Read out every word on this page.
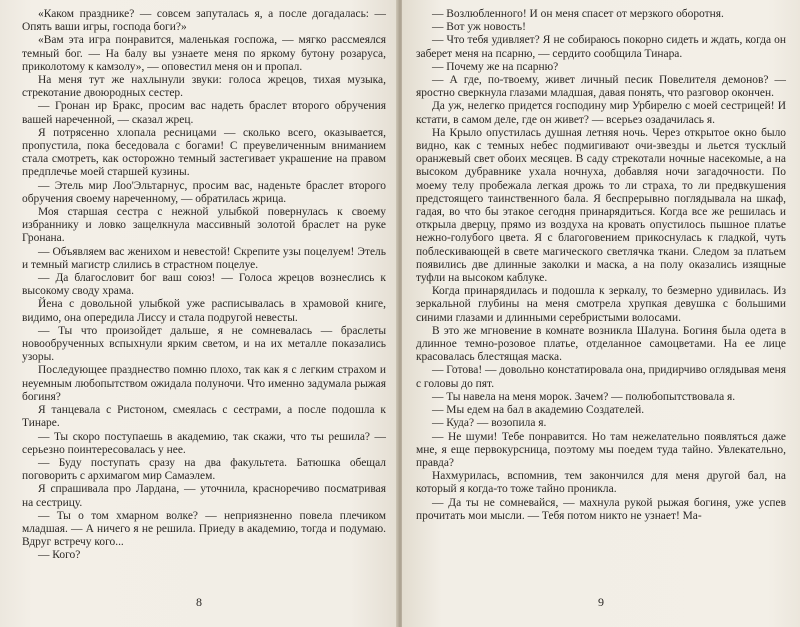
«Каком празднике? — совсем запуталась я, а после догадалась: — Опять ваши игры, господа боги?»

«Вам эта игра понравится, маленькая госпожа, — мягко рассмеялся темный бог. — На балу вы узнаете меня по яркому бутону розарyса, приколотому к камзолу», — оповестил меня он и пропал.

На меня тут же нахлынули звуки: голоса жрецов, тихая музыка, стрекотание двоюродных сестер.

— Гронан ир Бракс, просим вас надеть браслет второго обручения вашей нареченной, — сказал жрец.

Я потрясенно хлопала ресницами — сколько всего, оказывается, пропустила, пока беседовала с богами! С преувеличенным вниманием стала смотреть, как осторожно темный застегивает украшение на правом предплечье моей старшей кузины.

— Этель мир Лоо'Эльтарнус, просим вас, наденьте браслет второго обручения своему нареченному, — обратилась жрица.

Моя старшая сестра с нежной улыбкой повернулась к своему избраннику и ловко защелкнула массивный золотой браслет на руке Гронана.

— Объявляем вас женихом и невестой! Скрепите узы поцелуем! Этель и темный магистр слились в страстном поцелуе.

— Да благословит бог ваш союз! — Голоса жрецов вознеслись к высокому своду храма.

Йена с довольной улыбкой уже расписывалась в храмовой книге, видимо, она опередила Лиссу и стала подругой невесты.

— Ты что произойдет дальше, я не сомневалась — браслеты новообрученных вспыхнули ярким светом, и на их металле показались узоры.

Последующее празднество помню плохо, так как я с легким страхом и неуемным любопытством ожидала полуночи. Что именно задумала рыжая богиня?

Я танцевала с Ристоном, смеялась с сестрами, а после подошла к Тинаре.

— Ты скоро поступаешь в академию, так скажи, что ты решила? — серьезно поинтересовалась у нее.

— Буду поступать сразу на два факультета. Батюшка обещал поговорить с архимагом мир Самаэлем.

Я спрашивала про Лардана, — уточнила, красноречиво посматривая на сестрицу.

— Ты о том хмарном волке? — неприязненно повела плечиком младшая. — А ничего я не решила. Приеду в академию, тогда и подумаю. Вдруг встречу кого...

— Кого?

8

— Возлюбленного! И он меня спасет от мерзкого оборотня.

— Вот уж новость!

— Что тебя удивляет? Я не собираюсь покорно сидеть и ждать, когда он заберет меня на псарню, — сердито сообщила Тинара.

— Почему же на псарню?

— А где, по-твоему, живет личный песик Повелителя демонов? — яростно сверкнула глазами младшая, давая понять, что разговор окончен.

Да уж, нелегко придется господину мир Урбирелю с моей сестрицей! И кстати, в самом деле, где он живет? — всерьез озадачилась я.

На Крыло опустилась душная летняя ночь. Через открытое окно было видно, как с темных небес подмигивают очи-звезды и льется тусклый оранжевый свет обоих месяцев. В саду стрекотали ночные насекомые, а на высоком дубравнике ухала ночнуха, добавляя ночи загадочности. По моему телу пробежала легкая дрожь то ли страха, то ли предвкушения предстоящего таинственного бала. Я беспрерывно поглядывала на шкаф, гадая, во что бы этакое сегодня принарядиться. Когда все же решилась и открыла дверцу, прямо из воздуха на кровать опустилось пышное платье нежно-голубого цвета. Я с благоговением прикоснулась к гладкой, чуть поблескивающей в свете магического светлячка ткани. Следом за платьем появились две длинные заколки и маска, а на полу оказались изящные туфли на высоком каблуке.

Когда принарядилась и подошла к зеркалу, то безмерно удивилась. Из зеркальной глубины на меня смотрела хрупкая девушка с большими синими глазами и длинными серебристыми волосами.

В это же мгновение в комнате возникла Шалуна. Богиня была одета в длинное темно-розовое платье, отделанное самоцветами. На ее лице красовалась блестящая маска.

— Готова! — довольно констатировала она, придирчиво оглядывая меня с головы до пят.

— Ты навела на меня морок. Зачем? — полюбопытствовала я.

— Мы едем на бал в академию Создателей.

— Куда? — возопила я.

— Не шуми! Тебе понравится. Но там нежелательно появляться даже мне, я еще первокурсница, поэтому мы поедем туда тайно. Увлекательно, правда?

Нахмурилась, вспомнив, тем закончился для меня другой бал, на который я когда-то тоже тайно проникла.

— Да ты не сомневайся, — махнула рукой рыжая богиня, уже успев прочитать мои мысли. — Тебя потом никто не узнает! Ма-

9
